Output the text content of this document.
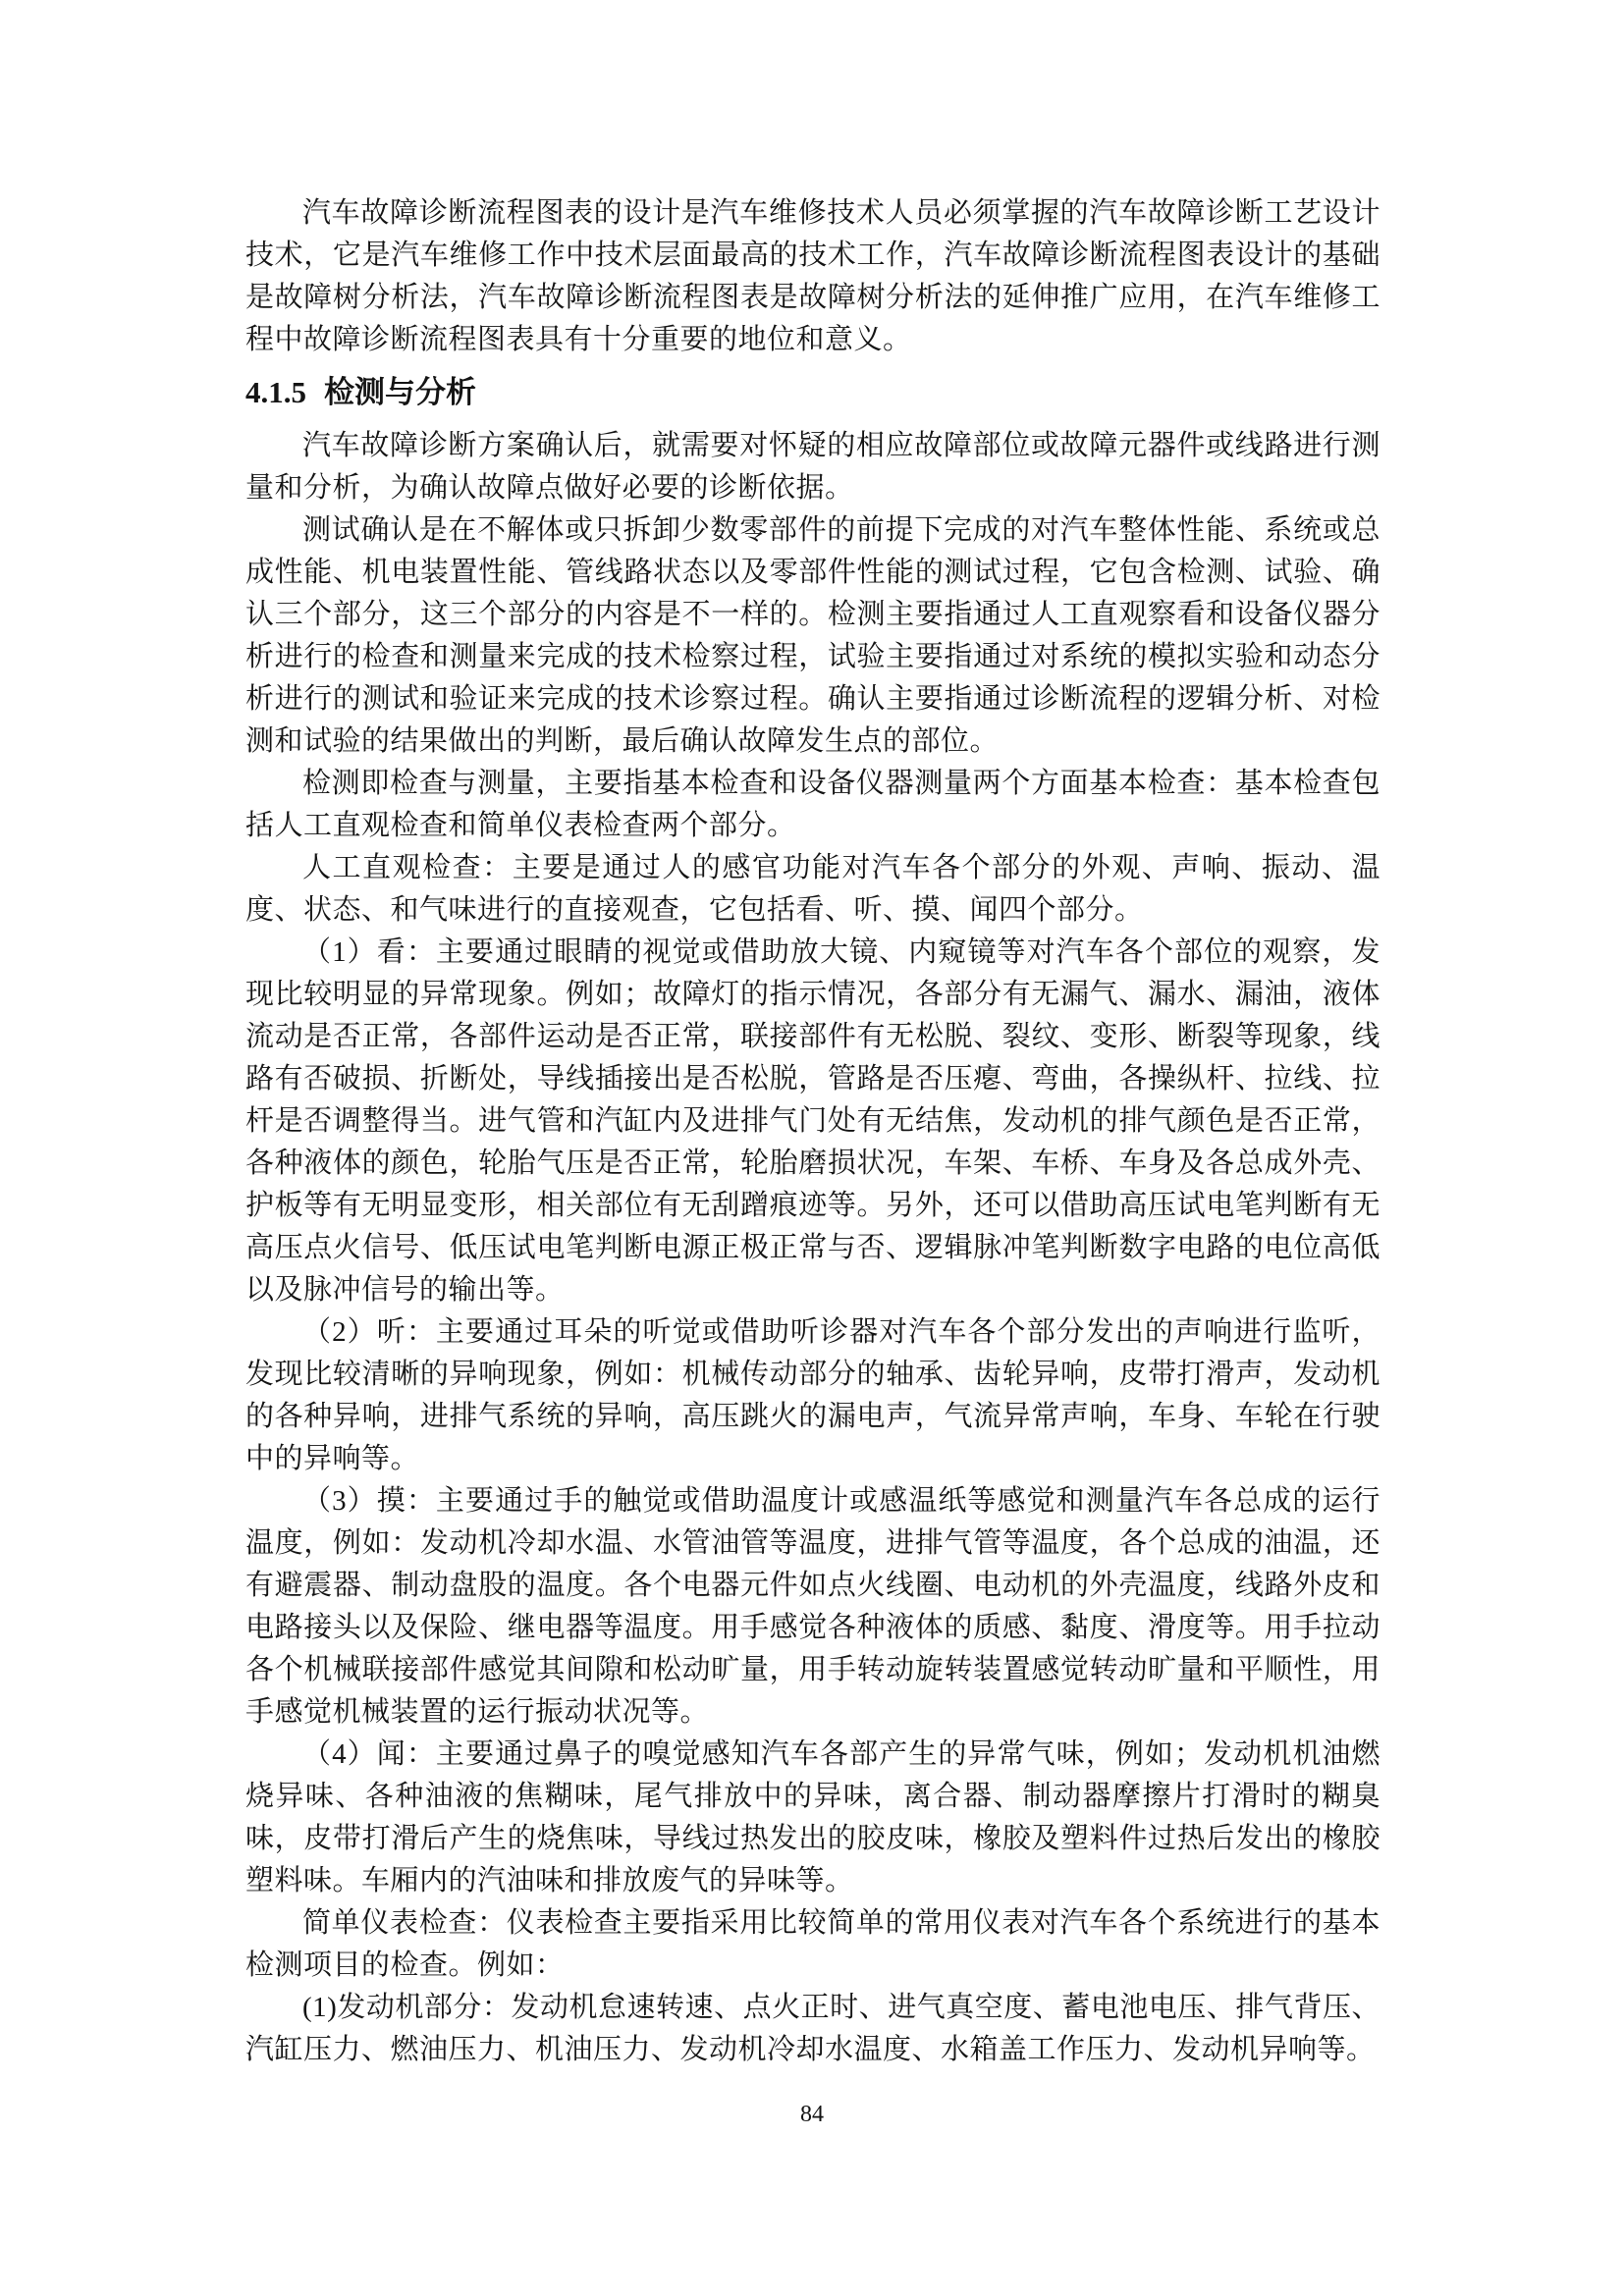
汽车故障诊断流程图表的设计是汽车维修技术人员必须掌握的汽车故障诊断工艺设计技术，它是汽车维修工作中技术层面最高的技术工作，汽车故障诊断流程图表设计的基础是故障树分析法，汽车故障诊断流程图表是故障树分析法的延伸推广应用，在汽车维修工程中故障诊断流程图表具有十分重要的地位和意义。

4.1.5 检测与分析

汽车故障诊断方案确认后，就需要对怀疑的相应故障部位或故障元器件或线路进行测量和分析，为确认故障点做好必要的诊断依据。

测试确认是在不解体或只拆卸少数零部件的前提下完成的对汽车整体性能、系统或总成性能、机电装置性能、管线路状态以及零部件性能的测试过程，它包含检测、试验、确认三个部分，这三个部分的内容是不一样的。检测主要指通过人工直观察看和设备仪器分析进行的检查和测量来完成的技术检察过程，试验主要指通过对系统的模拟实验和动态分析进行的测试和验证来完成的技术诊察过程。确认主要指通过诊断流程的逻辑分析、对检测和试验的结果做出的判断，最后确认故障发生点的部位。

检测即检查与测量，主要指基本检查和设备仪器测量两个方面基本检查：基本检查包括人工直观检查和简单仪表检查两个部分。

人工直观检查：主要是通过人的感官功能对汽车各个部分的外观、声响、振动、温度、状态、和气味进行的直接观查，它包括看、听、摸、闻四个部分。

（1）看：主要通过眼睛的视觉或借助放大镜、内窥镜等对汽车各个部位的观察，发现比较明显的异常现象。例如；故障灯的指示情况，各部分有无漏气、漏水、漏油，液体流动是否正常，各部件运动是否正常，联接部件有无松脱、裂纹、变形、断裂等现象，线路有否破损、折断处，导线插接出是否松脱，管路是否压瘪、弯曲，各操纵杆、拉线、拉杆是否调整得当。进气管和汽缸内及进排气门处有无结焦，发动机的排气颜色是否正常，各种液体的颜色，轮胎气压是否正常，轮胎磨损状况，车架、车桥、车身及各总成外壳、护板等有无明显变形，相关部位有无刮蹭痕迹等。另外，还可以借助高压试电笔判断有无高压点火信号、低压试电笔判断电源正极正常与否、逻辑脉冲笔判断数字电路的电位高低以及脉冲信号的输出等。

（2）听：主要通过耳朵的听觉或借助听诊器对汽车各个部分发出的声响进行监听，发现比较清晰的异响现象，例如：机械传动部分的轴承、齿轮异响，皮带打滑声，发动机的各种异响，进排气系统的异响，高压跳火的漏电声，气流异常声响，车身、车轮在行驶中的异响等。

（3）摸：主要通过手的触觉或借助温度计或感温纸等感觉和测量汽车各总成的运行温度，例如：发动机冷却水温、水管油管等温度，进排气管等温度，各个总成的油温，还有避震器、制动盘股的温度。各个电器元件如点火线圈、电动机的外壳温度，线路外皮和电路接头以及保险、继电器等温度。用手感觉各种液体的质感、黏度、滑度等。用手拉动各个机械联接部件感觉其间隙和松动旷量，用手转动旋转装置感觉转动旷量和平顺性，用手感觉机械装置的运行振动状况等。

（4）闻：主要通过鼻子的嗅觉感知汽车各部产生的异常气味，例如；发动机机油燃烧异味、各种油液的焦糊味，尾气排放中的异味，离合器、制动器摩擦片打滑时的糊臭味，皮带打滑后产生的烧焦味，导线过热发出的胶皮味，橡胶及塑料件过热后发出的橡胶塑料味。车厢内的汽油味和排放废气的异味等。

简单仪表检查：仪表检查主要指采用比较简单的常用仪表对汽车各个系统进行的基本检测项目的检查。例如：

(1)发动机部分：发动机怠速转速、点火正时、进气真空度、蓄电池电压、排气背压、汽缸压力、燃油压力、机油压力、发动机冷却水温度、水箱盖工作压力、发动机异响等。

84
